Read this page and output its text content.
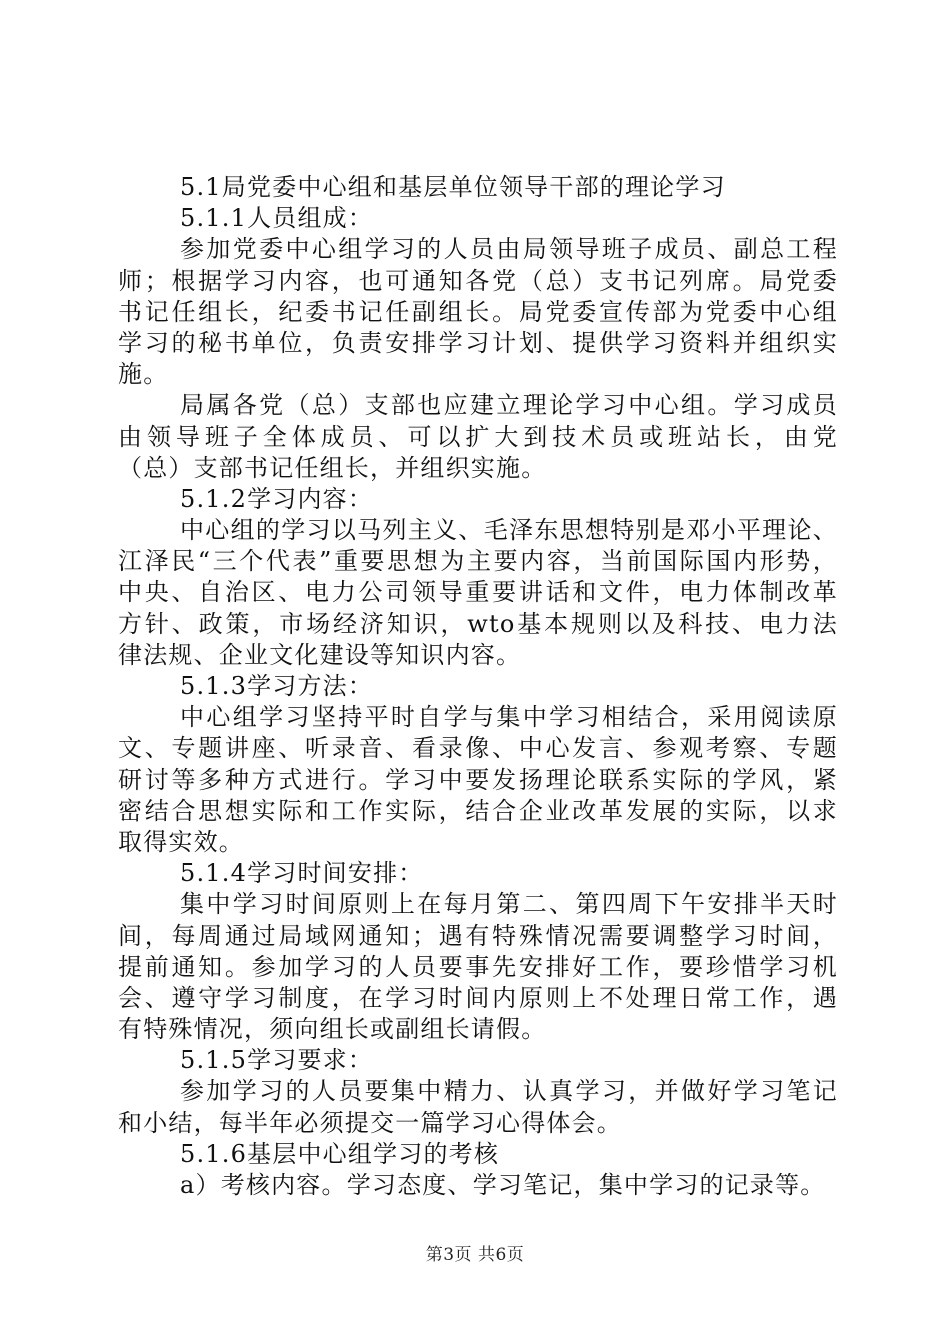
5.1局党委中心组和基层单位领导干部的理论学习
5.1.1人员组成：
参加党委中心组学习的人员由局领导班子成员、副总工程
师；根据学习内容，也可通知各党（总）支书记列席。局党委
书记任组长，纪委书记任副组长。局党委宣传部为党委中心组
学习的秘书单位，负责安排学习计划、提供学习资料并组织实
施。
局属各党（总）支部也应建立理论学习中心组。学习成员
由领导班子全体成员、可以扩大到技术员或班站长，由党
（总）支部书记任组长，并组织实施。
5.1.2学习内容：
中心组的学习以马列主义、毛泽东思想特别是邓小平理论、
江泽民“三个代表”重要思想为主要内容，当前国际国内形势，
中央、自治区、电力公司领导重要讲话和文件，电力体制改革
方针、政策，市场经济知识，wto基本规则以及科技、电力法
律法规、企业文化建设等知识内容。
5.1.3学习方法：
中心组学习坚持平时自学与集中学习相结合，采用阅读原
文、专题讲座、听录音、看录像、中心发言、参观考察、专题
研讨等多种方式进行。学习中要发扬理论联系实际的学风，紧
密结合思想实际和工作实际，结合企业改革发展的实际，以求
取得实效。
5.1.4学习时间安排：
集中学习时间原则上在每月第二、第四周下午安排半天时
间，每周通过局域网通知；遇有特殊情况需要调整学习时间，
提前通知。参加学习的人员要事先安排好工作，要珍惜学习机
会、遵守学习制度，在学习时间内原则上不处理日常工作，遇
有特殊情况，须向组长或副组长请假。
5.1.5学习要求：
参加学习的人员要集中精力、认真学习，并做好学习笔记
和小结，每半年必须提交一篇学习心得体会。
5.1.6基层中心组学习的考核
a）考核内容。学习态度、学习笔记，集中学习的记录等。
第3页 共6页
